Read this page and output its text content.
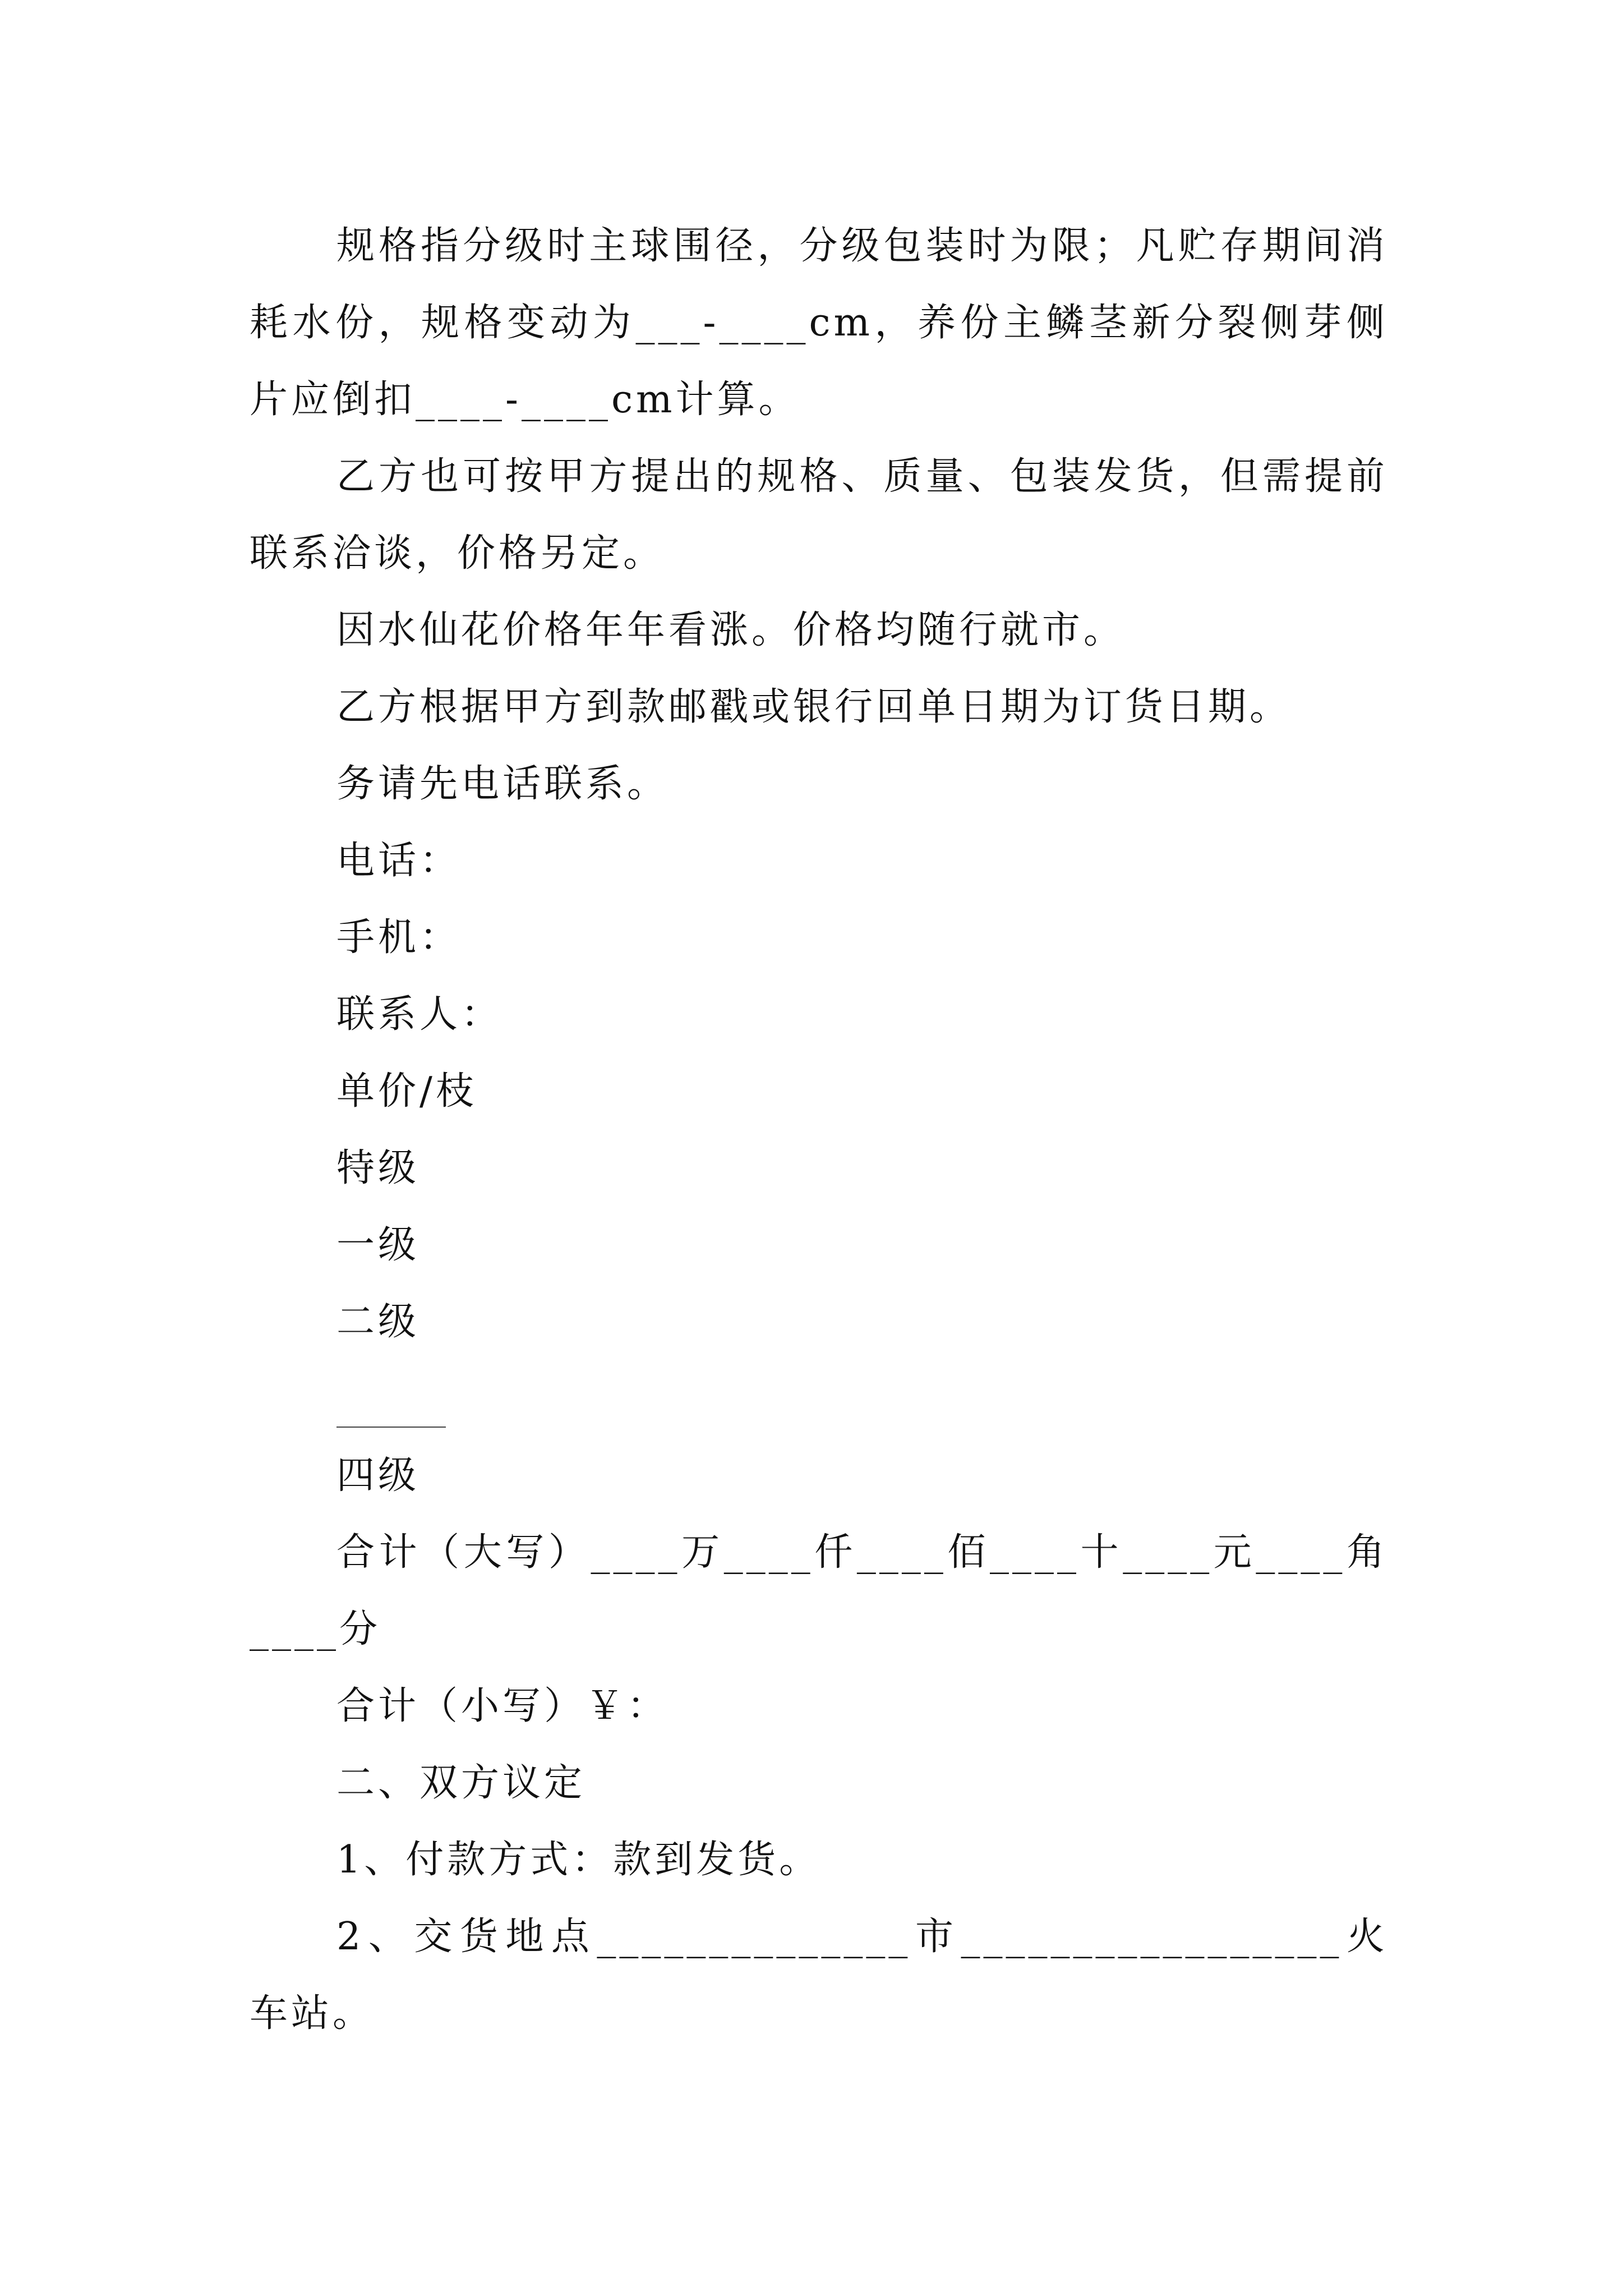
规格指分级时主球围径，分级包装时为限；凡贮存期间消耗水份，规格变动为___-____cm，养份主鳞茎新分裂侧芽侧片应倒扣____-____cm计算。

乙方也可按甲方提出的规格、质量、包装发货，但需提前联系洽谈，价格另定。

因水仙花价格年年看涨。价格均随行就市。

乙方根据甲方到款邮戳或银行回单日期为订货日期。

务请先电话联系。

电话：

手机：

联系人：

单价/枝

特级

一级

二级

四级

合计（大写）____万____仟____佰____十____元____角____分

合计（小写）￥：

二、双方议定

1、付款方式：款到发货。

2、交货地点______________市_________________火车站。
